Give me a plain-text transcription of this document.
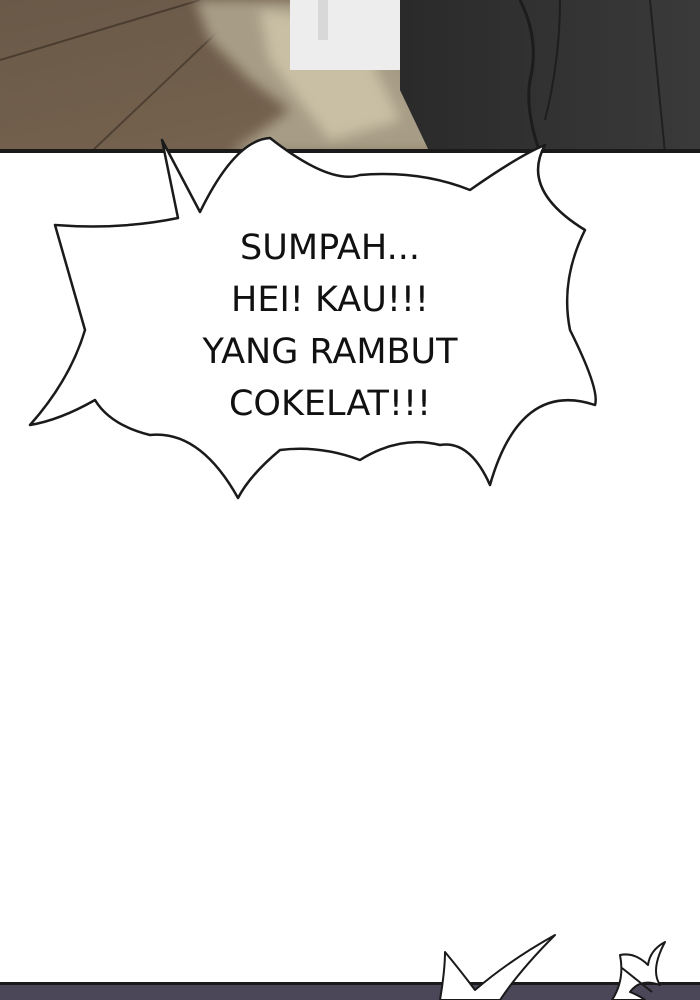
SUMPAH...
HEI! KAU!!!
YANG RAMBUT
COKELAT!!!
